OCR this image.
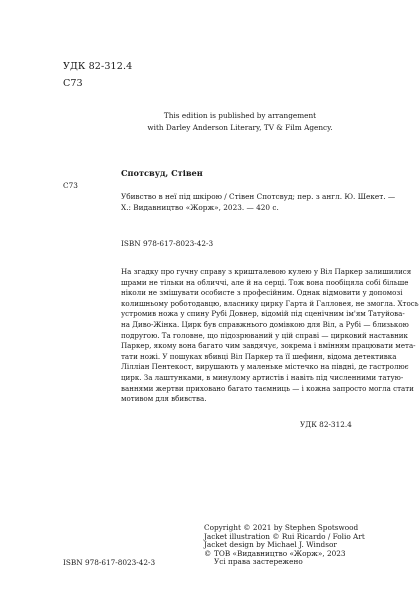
УДК 82-312.4
С73
This edition is published by arrangement
with Darley Anderson Literary, TV & Film Agency.
Спотсвуд, Стівен
С73
Убивство в неї під шкірою / Стівен Спотсвуд; пер. з англ. Ю. Шекет. —
Х.: Видавництво «Жорж», 2023. — 420 с.
ISBN 978-617-8023-42-3
На згадку про гучну справу з кришталевою кулею у Віл Паркер залишилися
шрами не тільки на обличчі, але й на серці. Тож вона пообіцяла собі більше
ніколи не змішувати особисте з професійним. Однак відмовити у допомозі
колишньому роботодавцю, власнику цирку Гарта й Галловея, не змогла. Хтось
устромив ножа у спину Рубі Довнер, відомій під сценічним ім'ям Татуйова-
на Диво-Жінка. Цирк був справжнього домівкою для Віл, а Рубі — близькою
подругою. Та головне, що підозрюваний у цій справі — цирковий наставник
Паркер, якому вона багато чим завдячує, зокрема і вмінням працювати мета-
тати ножі. У пошуках вбивці Віл Паркер та її шефиня, відома детективка
Лілліан Пентекост, вирушають у маленьке містечко на півдні, де гастролює
цирк. За лаштунками, в минулому артистів і навіть під численними татую-
ваннями жертви приховано багато таємниць — і кожна запросто могла стати
мотивом для вбивства.
УДК 82-312.4
Copyright © 2021 by Stephen Spotswood
Jacket illustration © Rui Ricardo / Folio Art
Jacket design by Michael J. Windsor
© ТОВ «Видавництво «Жорж», 2023
Усі права застережено
ISBN 978-617-8023-42-3
